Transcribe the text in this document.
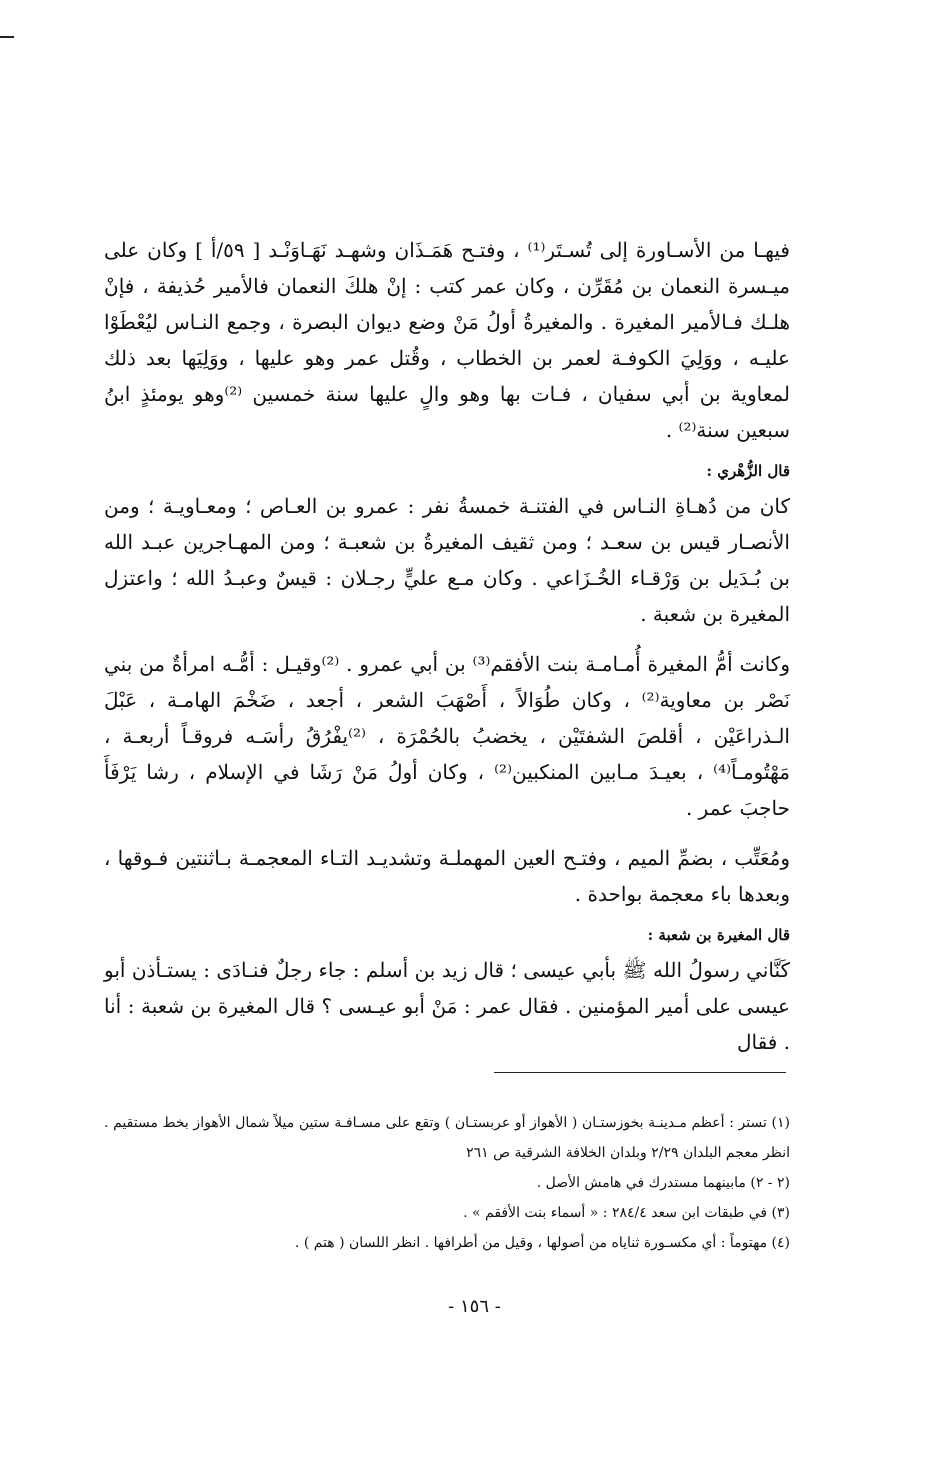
فيهـا من الأسـاورة إلى تُسـتَر⁽¹⁾ ، وفتـح هَمَـذَان وشهـد نَهَـاوَنْـد [ ٥٩/أ ] وكان على ميـسرة النعمان بن مُقَرِّن ، وكان عمر كتب : إنْ هلكَ النعمان فالأمير حُذيفة ، فإنْ هلـك فـالأمير المغيرة . والمغيرةُ أولُ مَنْ وضع ديوان البصرة ، وجمع النـاس ليُعْطَوْا عليـه ، ووَلِيَ الكوفـة لعمر بن الخطاب ، وقُتل عمر وهو عليها ، ووَلِيَها بعد ذلك لمعاوية بن أبي سفيان ، فـات بها وهو والٍ عليها سنة خمسين ⁽²⁾وهو يومئذٍ ابنُ سبعين سنة⁽²⁾ .

قال الزُّهْري :

كان من دُهـاةِ النـاس في الفتنـة خمسةُ نفر : عمرو بن العـاص ؛ ومعـاويـة ؛ ومن الأنصـار قيس بن سعـد ؛ ومن ثقيف المغيرةُ بن شعبـة ؛ ومن المهـاجرين عبـد الله بن بُـدَيل بن وَرْقـاء الخُـزَاعي . وكان مـع عليٍّ رجـلان : قيسٌ وعبـدُ الله ؛ واعتزل المغيرة بن شعبة .

وكانت أمُّ المغيرة أُمـامـة بنت الأفقم⁽³⁾ بن أبي عمرو . ⁽²⁾وقيـل : أمُّـه امرأةٌ من بني نَصْر بن معاوية⁽²⁾ ، وكان طُوَالاً ، أَصْهَبَ الشعر ، أجعد ، ضَخْمَ الهامـة ، عَبْلَ الـذراعَيْن ، أقلصَ الشفتَيْن ، يخضبُ بالحُمْرَة ، ⁽²⁾يفْرُقُ رأسَـه فروقـاً أربعـة ، مَهْتُومـاً⁽⁴⁾ ، بعيـدَ مـابين المنكبين⁽²⁾ ، وكان أولُ مَنْ رَشَا في الإسلام ، رشا يَرْفَأَ حاجبَ عمر .

ومُعَتِّب ، بضمِّ الميم ، وفتـح العين المهملـة وتشديـد التـاء المعجمـة بـاثنتين فـوقها ، وبعدها باء معجمة بواحدة .

قال المغيرة بن شعبة :

كَنَّاني رسولُ الله ﷺ بأبي عيسى ؛ قال زيد بن أسلم : جاء رجلٌ فنـادَى : يستـأذن أبو عيسى على أمير المؤمنين . فقال عمر : مَنْ أبو عيـسى ؟ قال المغيرة بن شعبة : أنا . فقال

(١) تستر : أعظم مـدينـة بخوزستـان ( الأهواز أو عربستـان ) وتقع على مسـافـة ستين ميلاً شمال الأهواز بخط مستقيم . انظر معجم البلدان ٢/٢٩ وبلدان الخلافة الشرقية ص ٢٦١

(٢ - ٢) مابينهما مستدرك في هامش الأصل .

(٣) في طبقات ابن سعد ٢٨٤/٤ : « أسماء بنت الأفقم » .

(٤) مهتوماً : أي مكسـورة ثناياه من أصولها ، وقيل من أطرافها . انظر اللسان ( هتم ) .

- ١٥٦ -
